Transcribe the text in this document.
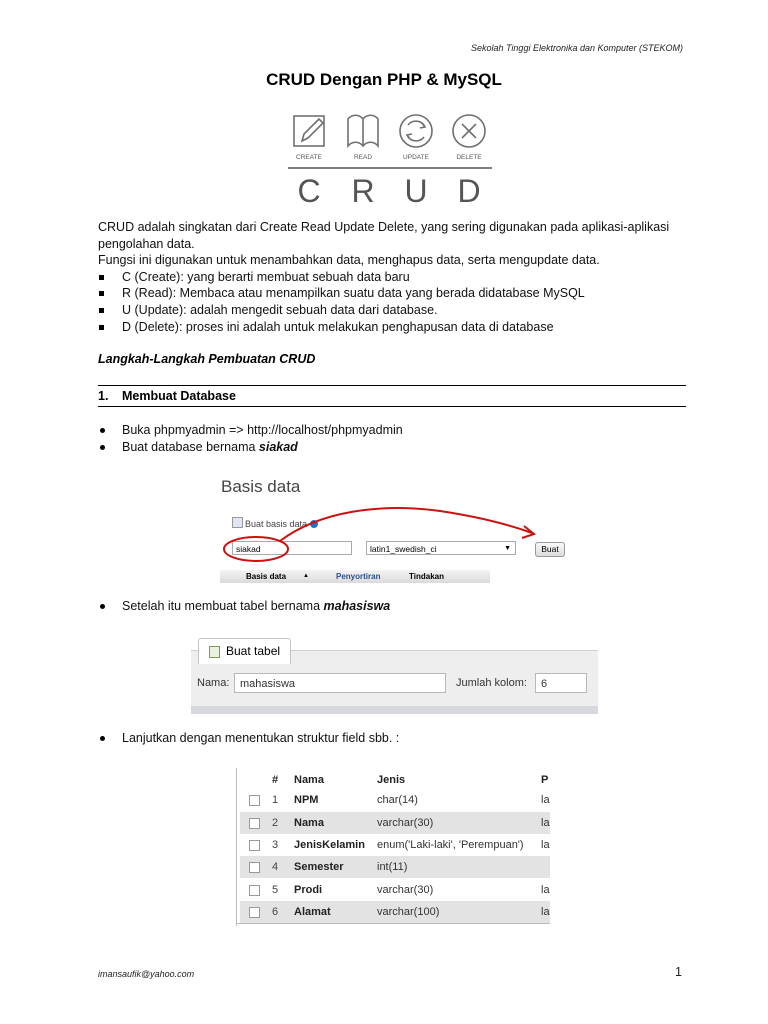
Sekolah Tinggi Elektronika dan Komputer (STEKOM)
CRUD Dengan PHP & MySQL
CREATE	READ	UPDATE	DELETE
C R U D

CRUD adalah singkatan dari Create Read Update Delete, yang sering digunakan pada aplikasi-aplikasi pengolahan data.

Fungsi ini digunakan untuk menambahkan data, menghapus data, serta mengupdate data.

C (Create): yang berarti membuat sebuah data baru
R (Read): Membaca atau menampilkan suatu data yang berada didatabase MySQL
U (Update): adalah mengedit sebuah data dari database.
D (Delete): proses ini adalah untuk melakukan penghapusan data di database
Langkah-Langkah Pembuatan CRUD
1. Membuat Database
Buka phpmyadmin => http://localhost/phpmyadmin
Buat database bernama siakad
Basis data
Buat basis data
siakad	latin1_swedish_ci	▼	Buat
Basis data	▲	Penyortiran	Tindakan
Setelah itu membuat tabel bernama mahasiswa
Buat tabel
Nama: mahasiswa	Jumlah kolom:	6
Lanjutkan dengan menentukan struktur field sbb. :
# Nama	Jenis	P
1 NPM	char(14)	la
2 Nama	varchar(30)	la
3 JenisKelamin enum('Laki-laki', 'Perempuan') la
4 Semester	int(11)
5 Prodi	varchar(30)	la
6 Alamat	varchar(100)	la
imansaufik@yahoo.com	1
